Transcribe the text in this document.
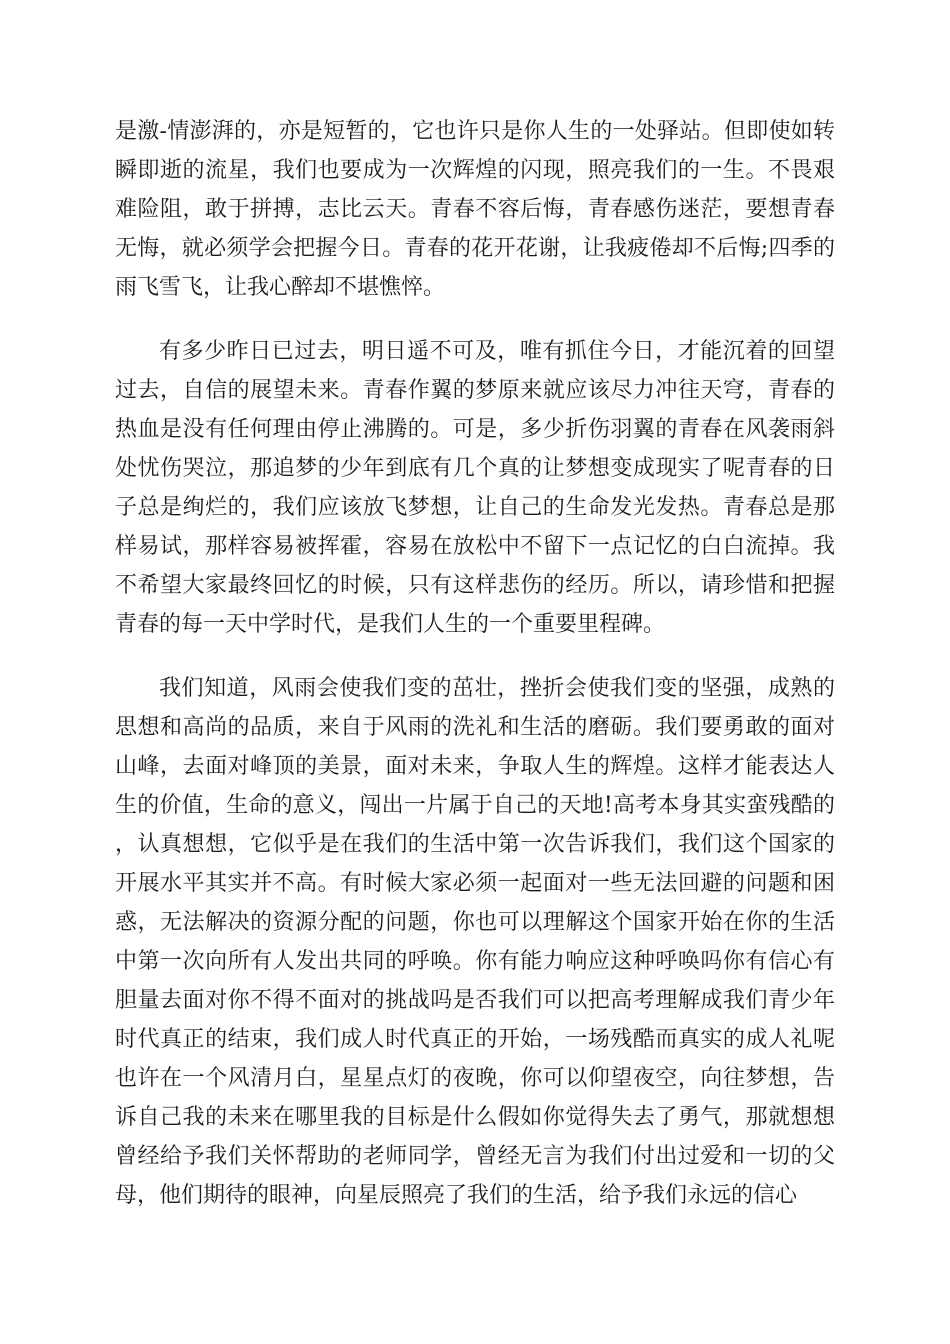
是激-情澎湃的，亦是短暂的，它也许只是你人生的一处驿站。但即使如转瞬即逝的流星，我们也要成为一次辉煌的闪现，照亮我们的一生。不畏艰难险阻，敢于拼搏，志比云天。青春不容后悔，青春感伤迷茫，要想青春无悔，就必须学会把握今日。青春的花开花谢，让我疲倦却不后悔;四季的雨飞雪飞，让我心醉却不堪憔悴。

有多少昨日已过去，明日遥不可及，唯有抓住今日，才能沉着的回望过去，自信的展望未来。青春作翼的梦原来就应该尽力冲往天穹，青春的热血是没有任何理由停止沸腾的。可是，多少折伤羽翼的青春在风袭雨斜处忧伤哭泣，那追梦的少年到底有几个真的让梦想变成现实了呢青春的日子总是绚烂的，我们应该放飞梦想，让自己的生命发光发热。青春总是那样易试，那样容易被挥霍，容易在放松中不留下一点记忆的白白流掉。我不希望大家最终回忆的时候，只有这样悲伤的经历。所以，请珍惜和把握青春的每一天中学时代，是我们人生的一个重要里程碑。

我们知道，风雨会使我们变的茁壮，挫折会使我们变的坚强，成熟的思想和高尚的品质，来自于风雨的洗礼和生活的磨砺。我们要勇敢的面对山峰，去面对峰顶的美景，面对未来，争取人生的辉煌。这样才能表达人生的价值，生命的意义，闯出一片属于自己的天地!高考本身其实蛮残酷的，认真想想，它似乎是在我们的生活中第一次告诉我们，我们这个国家的开展水平其实并不高。有时候大家必须一起面对一些无法回避的问题和困惑，无法解决的资源分配的问题，你也可以理解这个国家开始在你的生活中第一次向所有人发出共同的呼唤。你有能力响应这种呼唤吗你有信心有胆量去面对你不得不面对的挑战吗是否我们可以把高考理解成我们青少年时代真正的结束，我们成人时代真正的开始，一场残酷而真实的成人礼呢也许在一个风清月白，星星点灯的夜晚，你可以仰望夜空，向往梦想，告诉自己我的未来在哪里我的目标是什么假如你觉得失去了勇气，那就想想曾经给予我们关怀帮助的老师同学，曾经无言为我们付出过爱和一切的父母，他们期待的眼神，向星辰照亮了我们的生活，给予我们永远的信心
